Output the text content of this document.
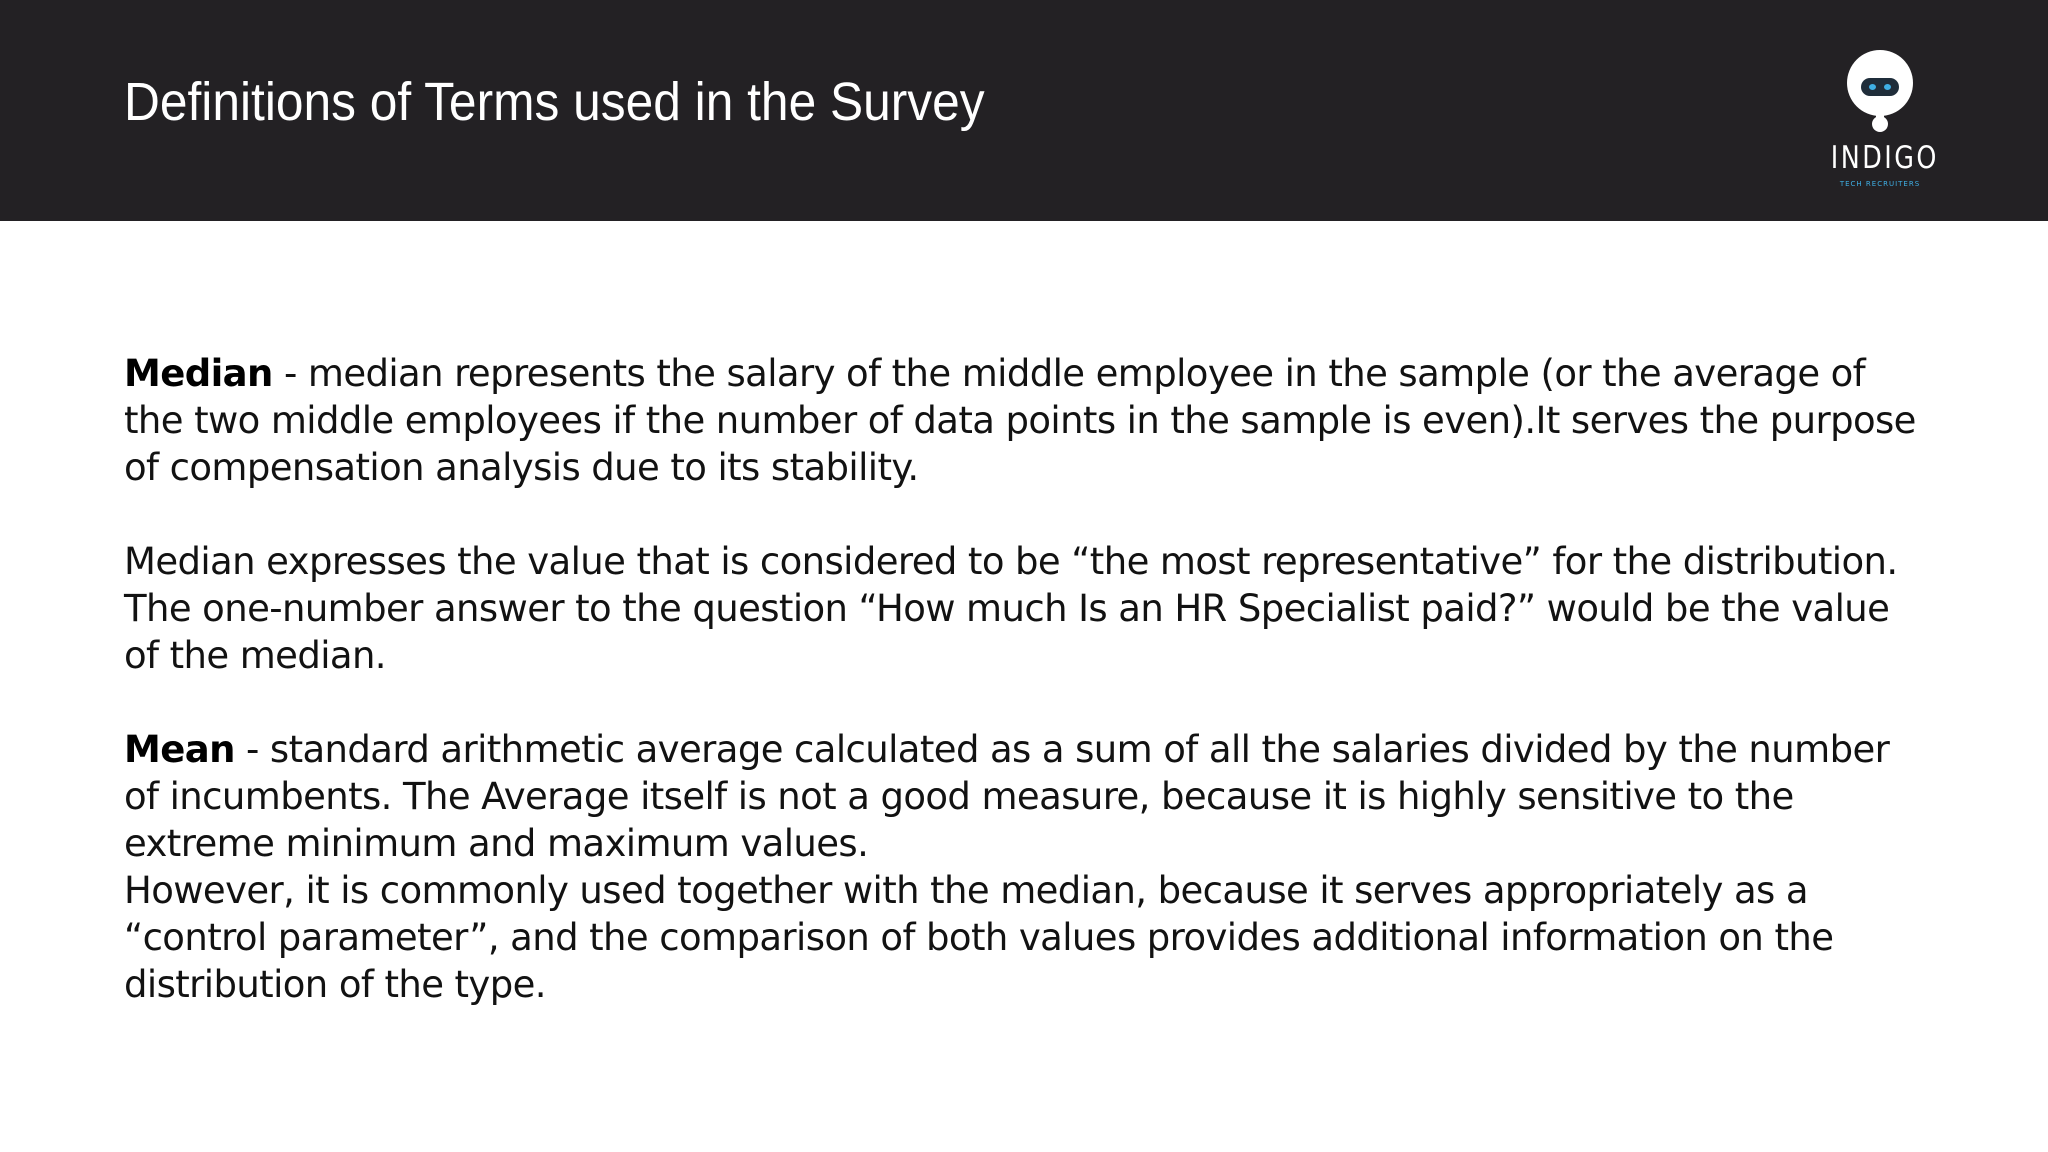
Definitions of Terms used in the Survey
INDIGO
TECH RECRUITERS

Median - median represents the salary of the middle employee in the sample (or the average of the two middle employees if the number of data points in the sample is even).It serves the purpose of compensation analysis due to its stability.

Median expresses the value that is considered to be “the most representative” for the distribution. The one-number answer to the question “How much Is an HR Specialist paid?” would be the value of the median.

Mean - standard arithmetic average calculated as a sum of all the salaries divided by the number of incumbents. The Average itself is not a good measure, because it is highly sensitive to the extreme minimum and maximum values.

However, it is commonly used together with the median, because it serves appropriately as a “control parameter”, and the comparison of both values provides additional information on the distribution of the type.
